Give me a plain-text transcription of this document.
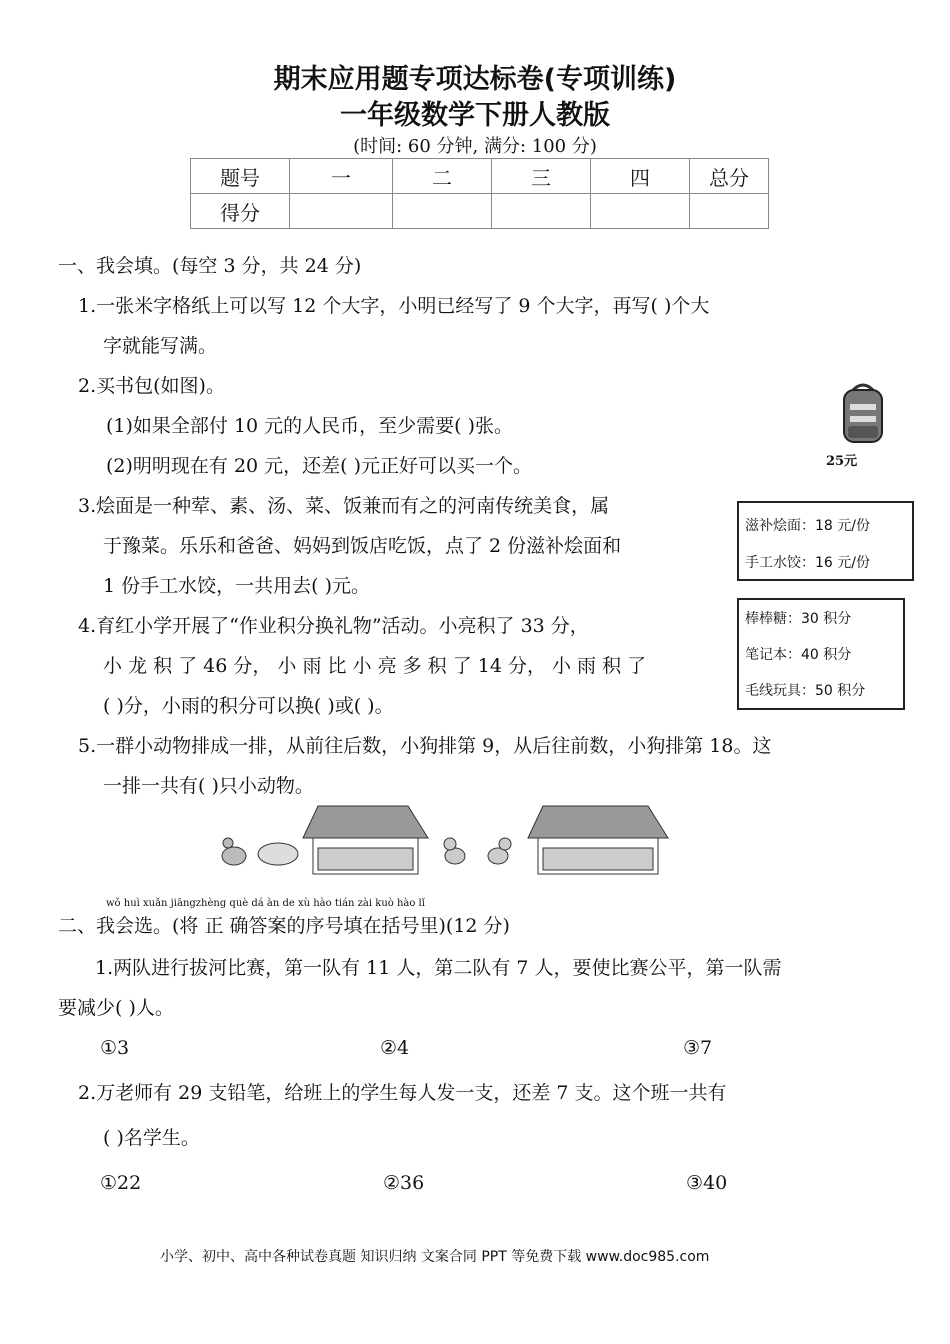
期末应用题专项达标卷(专项训练)
一年级数学下册人教版
(时间: 60 分钟, 满分: 100 分)
题号	一	二	三	四	总分
得分					
一、我会填。(每空 3 分，共 24 分)
1.一张米字格纸上可以写 12 个大字，小明已经写了 9 个大字，再写( )个大
字就能写满。
2.买书包(如图)。
(1)如果全部付 10 元的人民币，至少需要( )张。
(2)明明现在有 20 元，还差( )元正好可以买一个。
3.烩面是一种荤、素、汤、菜、饭兼而有之的河南传统美食，属
于豫菜。乐乐和爸爸、妈妈到饭店吃饭，点了 2 份滋补烩面和
1 份手工水饺，一共用去( )元。
4.育红小学开展了“作业积分换礼物”活动。小亮积了 33 分，
小 龙 积 了 46 分， 小 雨 比 小 亮 多 积 了 14 分， 小 雨 积 了
( )分，小雨的积分可以换( )或( )。
5.一群小动物排成一排，从前往后数，小狗排第 9，从后往前数，小狗排第 18。这
一排一共有( )只小动物。
25元
滋补烩面：18 元/份
手工水饺：16 元/份
棒棒糖：30 积分
笔记本：40 积分
毛线玩具：50 积分
wǒ huì xuǎn jiāngzhèng què dá àn de xù hào tián zài kuò hào lǐ
二、我会选。(将 正 确答案的序号填在括号里)(12 分)
1.两队进行拔河比赛，第一队有 11 人，第二队有 7 人，要使比赛公平，第一队需
要减少( )人。
①3	②4	③7
2.万老师有 29 支铅笔，给班上的学生每人发一支，还差 7 支。这个班一共有
( )名学生。
①22	②36	③40
小学、初中、高中各种试卷真题 知识归纳 文案合同 PPT 等免费下载 www.doc985.com
